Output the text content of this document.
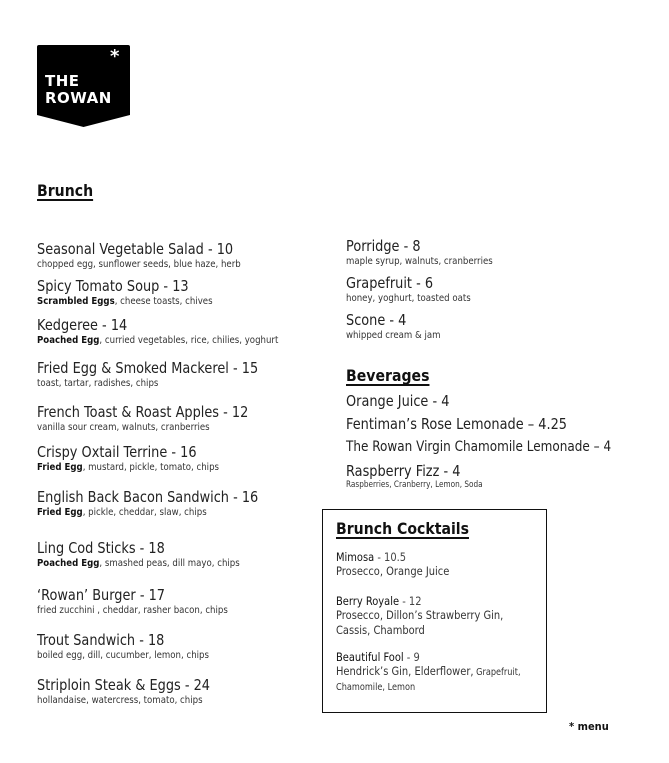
THE
ROWAN
*
Brunch
Seasonal Vegetable Salad - 10
chopped egg, sunflower seeds, blue haze, herb
Spicy Tomato Soup - 13
Scrambled Eggs, cheese toasts, chives
Kedgeree - 14
Poached Egg, curried vegetables, rice, chilies, yoghurt
Fried Egg & Smoked Mackerel - 15
toast, tartar, radishes, chips
French Toast & Roast Apples - 12
vanilla sour cream, walnuts, cranberries
Crispy Oxtail Terrine - 16
Fried Egg, mustard, pickle, tomato, chips
English Back Bacon Sandwich - 16
Fried Egg, pickle, cheddar, slaw, chips
Ling Cod Sticks - 18
Poached Egg, smashed peas, dill mayo, chips
‘Rowan’ Burger - 17
fried zucchini , cheddar, rasher bacon, chips
Trout Sandwich - 18
boiled egg, dill, cucumber, lemon, chips
Striploin Steak & Eggs - 24
hollandaise, watercress, tomato, chips
Porridge - 8
maple syrup, walnuts, cranberries
Grapefruit - 6
honey, yoghurt, toasted oats
Scone - 4
whipped cream & jam
Beverages
Orange Juice - 4
Fentiman’s Rose Lemonade – 4.25
The Rowan Virgin Chamomile Lemonade – 4
Raspberry Fizz - 4
Raspberries, Cranberry, Lemon, Soda
Brunch Cocktails
Mimosa - 10.5
Prosecco, Orange Juice
Berry Royale - 12
Prosecco, Dillon’s Strawberry Gin,
Cassis, Chambord
Beautiful Fool - 9
Hendrick’s Gin, Elderflower, Grapefruit,
Chamomile, Lemon
* menu
